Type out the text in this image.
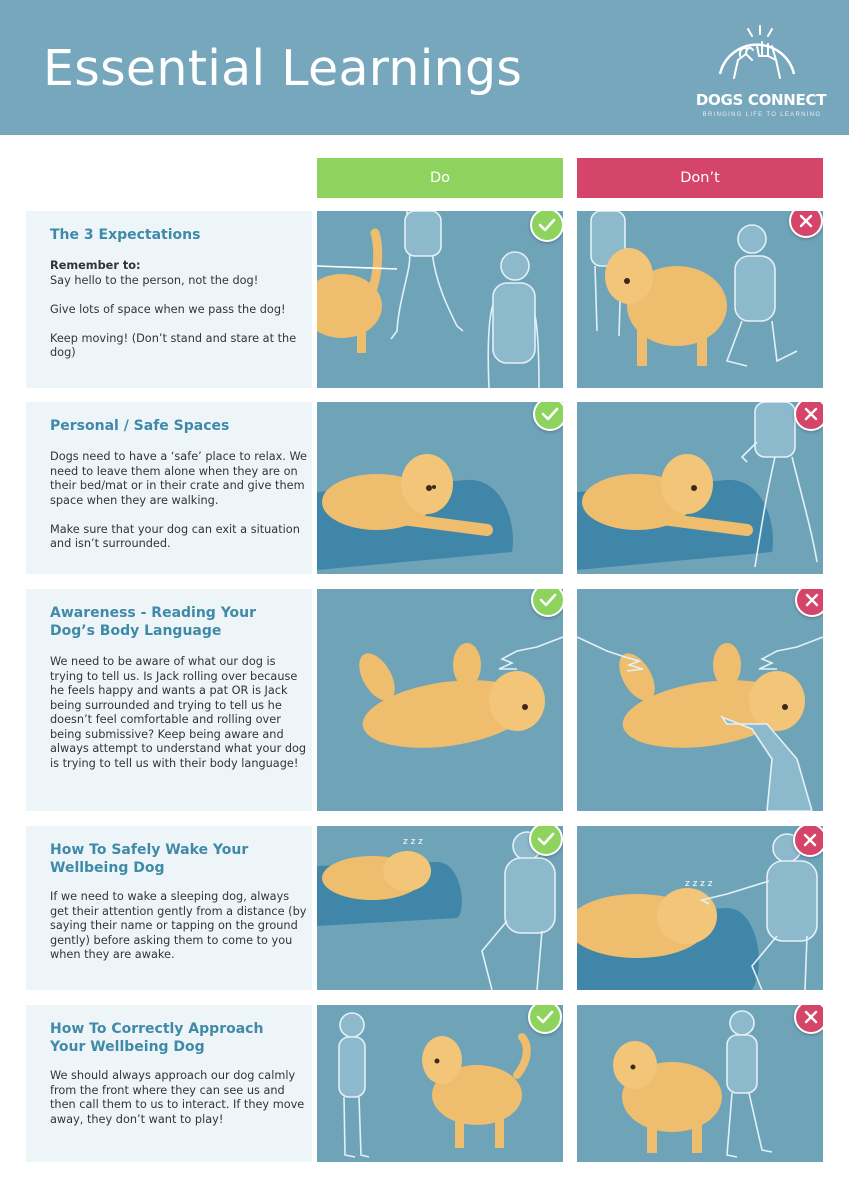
Essential Learnings
DOGS CONNECT
BRINGING LIFE TO LEARNING
Do	Don’t
The 3 Expectations

Remember to:
Say hello to the person, not the dog!

Give lots of space when we pass the dog!

Keep moving! (Don’t stand and stare at the dog)

Personal / Safe Spaces

Dogs need to have a ‘safe’ place to relax. We need to leave them alone when they are on their bed/mat or in their crate and give them space when they are walking.

Make sure that your dog can exit a situation and isn’t surrounded.

Awareness - Reading Your Dog’s Body Language

We need to be aware of what our dog is trying to tell us. Is Jack rolling over because he feels happy and wants a pat OR is Jack being surrounded and trying to tell us he doesn’t feel comfortable and rolling over being submissive? Keep being aware and always attempt to understand what your dog is trying to tell us with their body language!

How To Safely Wake Your Wellbeing Dog

If we need to wake a sleeping dog, always get their attention gently from a distance (by saying their name or tapping on the ground gently) before asking them to come to you when they are awake.

z z z
z z z z
How To Correctly Approach Your Wellbeing Dog

We should always approach our dog calmly from the front where they can see us and then call them to us to interact. If they move away, they don’t want to play!
